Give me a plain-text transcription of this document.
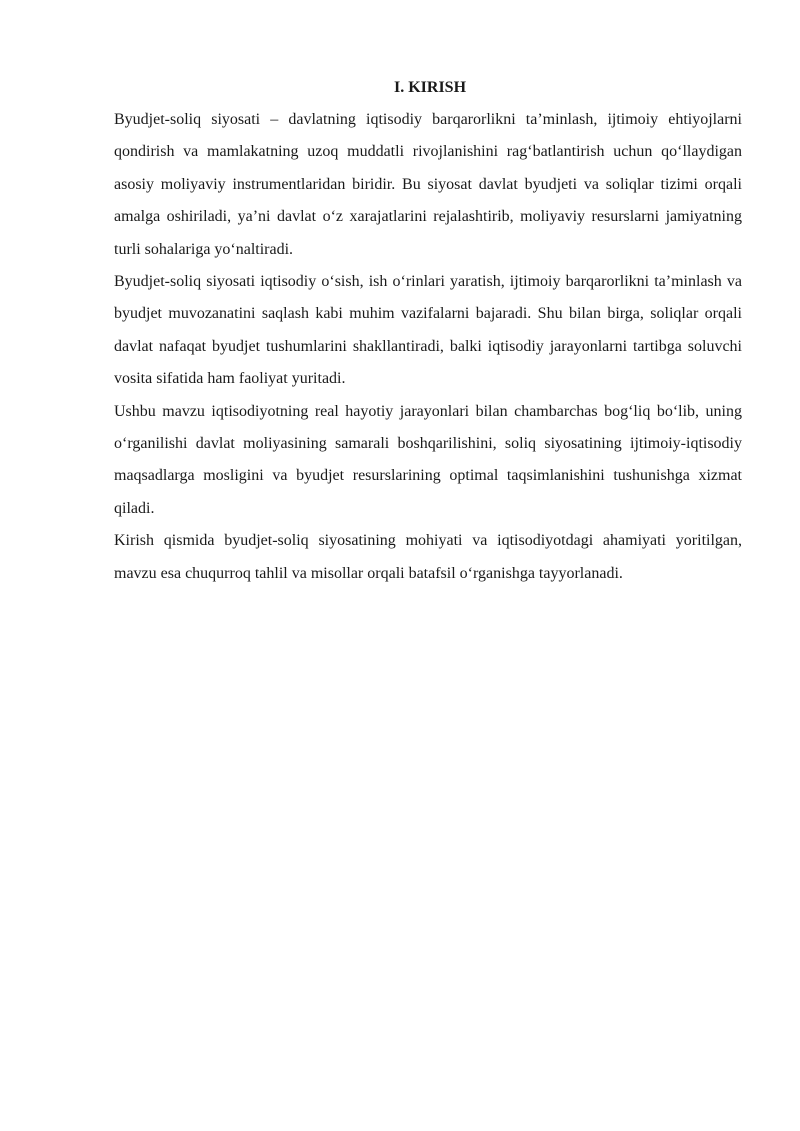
I. KIRISH

Byudjet-soliq siyosati – davlatning iqtisodiy barqarorlikni ta’minlash, ijtimoiy ehtiyojlarni qondirish va mamlakatning uzoq muddatli rivojlanishini rag‘batlantirish uchun qo‘llaydigan asosiy moliyaviy instrumentlaridan biridir. Bu siyosat davlat byudjeti va soliqlar tizimi orqali amalga oshiriladi, ya’ni davlat o‘z xarajatlarini rejalashtirib, moliyaviy resurslarni jamiyatning turli sohalariga yo‘naltiradi.

Byudjet-soliq siyosati iqtisodiy o‘sish, ish o‘rinlari yaratish, ijtimoiy barqarorlikni ta’minlash va byudjet muvozanatini saqlash kabi muhim vazifalarni bajaradi. Shu bilan birga, soliqlar orqali davlat nafaqat byudjet tushumlarini shakllantiradi, balki iqtisodiy jarayonlarni tartibga soluvchi vosita sifatida ham faoliyat yuritadi.

Ushbu mavzu iqtisodiyotning real hayotiy jarayonlari bilan chambarchas bog‘liq bo‘lib, uning o‘rganilishi davlat moliyasining samarali boshqarilishini, soliq siyosatining ijtimoiy-iqtisodiy maqsadlarga mosligini va byudjet resurslarining optimal taqsimlanishini tushunishga xizmat qiladi.

Kirish qismida byudjet-soliq siyosatining mohiyati va iqtisodiyotdagi ahamiyati yoritilgan, mavzu esa chuqurroq tahlil va misollar orqali batafsil o‘rganishga tayyorlanadi.
